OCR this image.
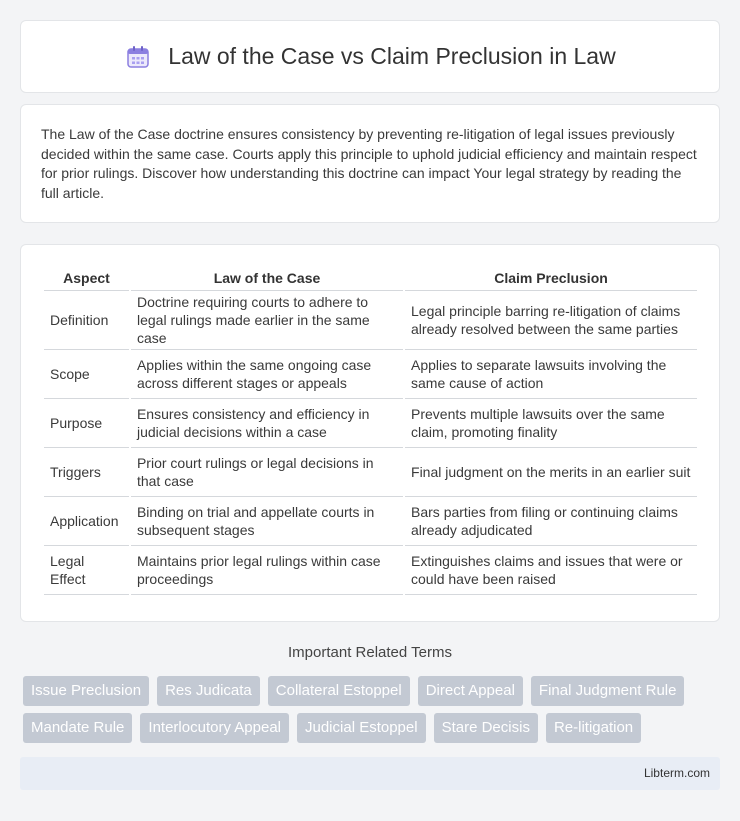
Law of the Case vs Claim Preclusion in Law

The Law of the Case doctrine ensures consistency by preventing re-litigation of legal issues previously decided within the same case. Courts apply this principle to uphold judicial efficiency and maintain respect for prior rulings. Discover how understanding this doctrine can impact Your legal strategy by reading the full article.

Aspect	Law of the Case	Claim Preclusion
Definition	Doctrine requiring courts to adhere to legal rulings made earlier in the same case	Legal principle barring re-litigation of claims already resolved between the same parties
Scope	Applies within the same ongoing case across different stages or appeals	Applies to separate lawsuits involving the same cause of action
Purpose	Ensures consistency and efficiency in judicial decisions within a case	Prevents multiple lawsuits over the same claim, promoting finality
Triggers	Prior court rulings or legal decisions in that case	Final judgment on the merits in an earlier suit
Application	Binding on trial and appellate courts in subsequent stages	Bars parties from filing or continuing claims already adjudicated
Legal Effect	Maintains prior legal rulings within case proceedings	Extinguishes claims and issues that were or could have been raised
Important Related Terms
Issue Preclusion	Res Judicata	Collateral Estoppel	Direct Appeal	Final Judgment Rule
Mandate Rule	Interlocutory Appeal	Judicial Estoppel	Stare Decisis	Re-litigation
Libterm.com
